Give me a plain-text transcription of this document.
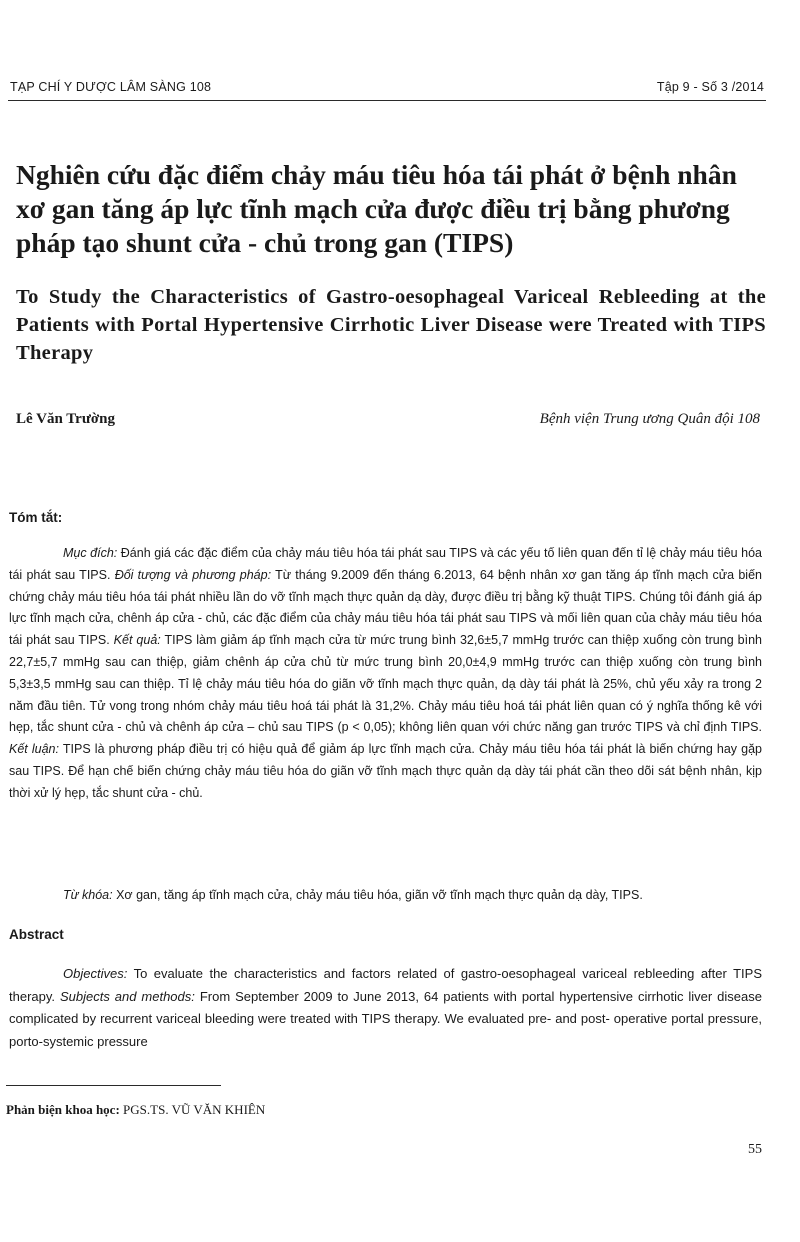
TẠP CHÍ Y DƯỢC LÂM SÀNG 108	Tập 9 - Số 3 /2014
Nghiên cứu đặc điểm chảy máu tiêu hóa tái phát ở bệnh nhân xơ gan tăng áp lực tĩnh mạch cửa được điều trị bằng phương pháp tạo shunt cửa - chủ trong gan (TIPS)
To Study the Characteristics of Gastro-oesophageal Variceal Rebleeding at the Patients with Portal Hypertensive Cirrhotic Liver Disease were Treated with TIPS Therapy
Lê Văn Trường	Bệnh viện Trung ương Quân đội 108
Tóm tắt:

Mục đích: Đánh giá các đặc điểm của chảy máu tiêu hóa tái phát sau TIPS và các yếu tố liên quan đến tỉ lệ chảy máu tiêu hóa tái phát sau TIPS. Đối tượng và phương pháp: Từ tháng 9.2009 đến tháng 6.2013, 64 bệnh nhân xơ gan tăng áp tĩnh mạch cửa biến chứng chảy máu tiêu hóa tái phát nhiều lần do vỡ tĩnh mạch thực quản dạ dày, được điều trị bằng kỹ thuật TIPS. Chúng tôi đánh giá áp lực tĩnh mạch cửa, chênh áp cửa - chủ, các đặc điểm của chảy máu tiêu hóa tái phát sau TIPS và mối liên quan của chảy máu tiêu hóa tái phát sau TIPS. Kết quả: TIPS làm giảm áp tĩnh mạch cửa từ mức trung bình 32,6±5,7 mmHg trước can thiệp xuống còn trung bình 22,7±5,7 mmHg sau can thiệp, giảm chênh áp cửa chủ từ mức trung bình 20,0±4,9 mmHg trước can thiệp xuống còn trung bình 5,3±3,5 mmHg sau can thiệp. Tỉ lệ chảy máu tiêu hóa do giãn vỡ tĩnh mạch thực quản, dạ dày tái phát là 25%, chủ yếu xảy ra trong 2 năm đầu tiên. Tử vong trong nhóm chảy máu tiêu hoá tái phát là 31,2%. Chảy máu tiêu hoá tái phát liên quan có ý nghĩa thống kê với hẹp, tắc shunt cửa - chủ và chênh áp cửa – chủ sau TIPS (p < 0,05); không liên quan với chức năng gan trước TIPS và chỉ định TIPS. Kết luận: TIPS là phương pháp điều trị có hiệu quả để giảm áp lực tĩnh mạch cửa. Chảy máu tiêu hóa tái phát là biến chứng hay gặp sau TIPS. Để hạn chế biến chứng chảy máu tiêu hóa do giãn vỡ tĩnh mạch thực quản dạ dày tái phát cần theo dõi sát bệnh nhân, kịp thời xử lý hẹp, tắc shunt cửa - chủ.

Từ khóa: Xơ gan, tăng áp tĩnh mạch cửa, chảy máu tiêu hóa, giãn vỡ tĩnh mạch thực quản dạ dày, TIPS.

Abstract

Objectives: To evaluate the characteristics and factors related of gastro-oesophageal variceal rebleeding after TIPS therapy. Subjects and methods: From September 2009 to June 2013, 64 patients with portal hypertensive cirrhotic liver disease complicated by recurrent variceal bleeding were treated with TIPS therapy. We evaluated pre- and post- operative portal pressure, porto-systemic pressure

Phản biện khoa học: PGS.TS. VŨ VĂN KHIÊN
55
